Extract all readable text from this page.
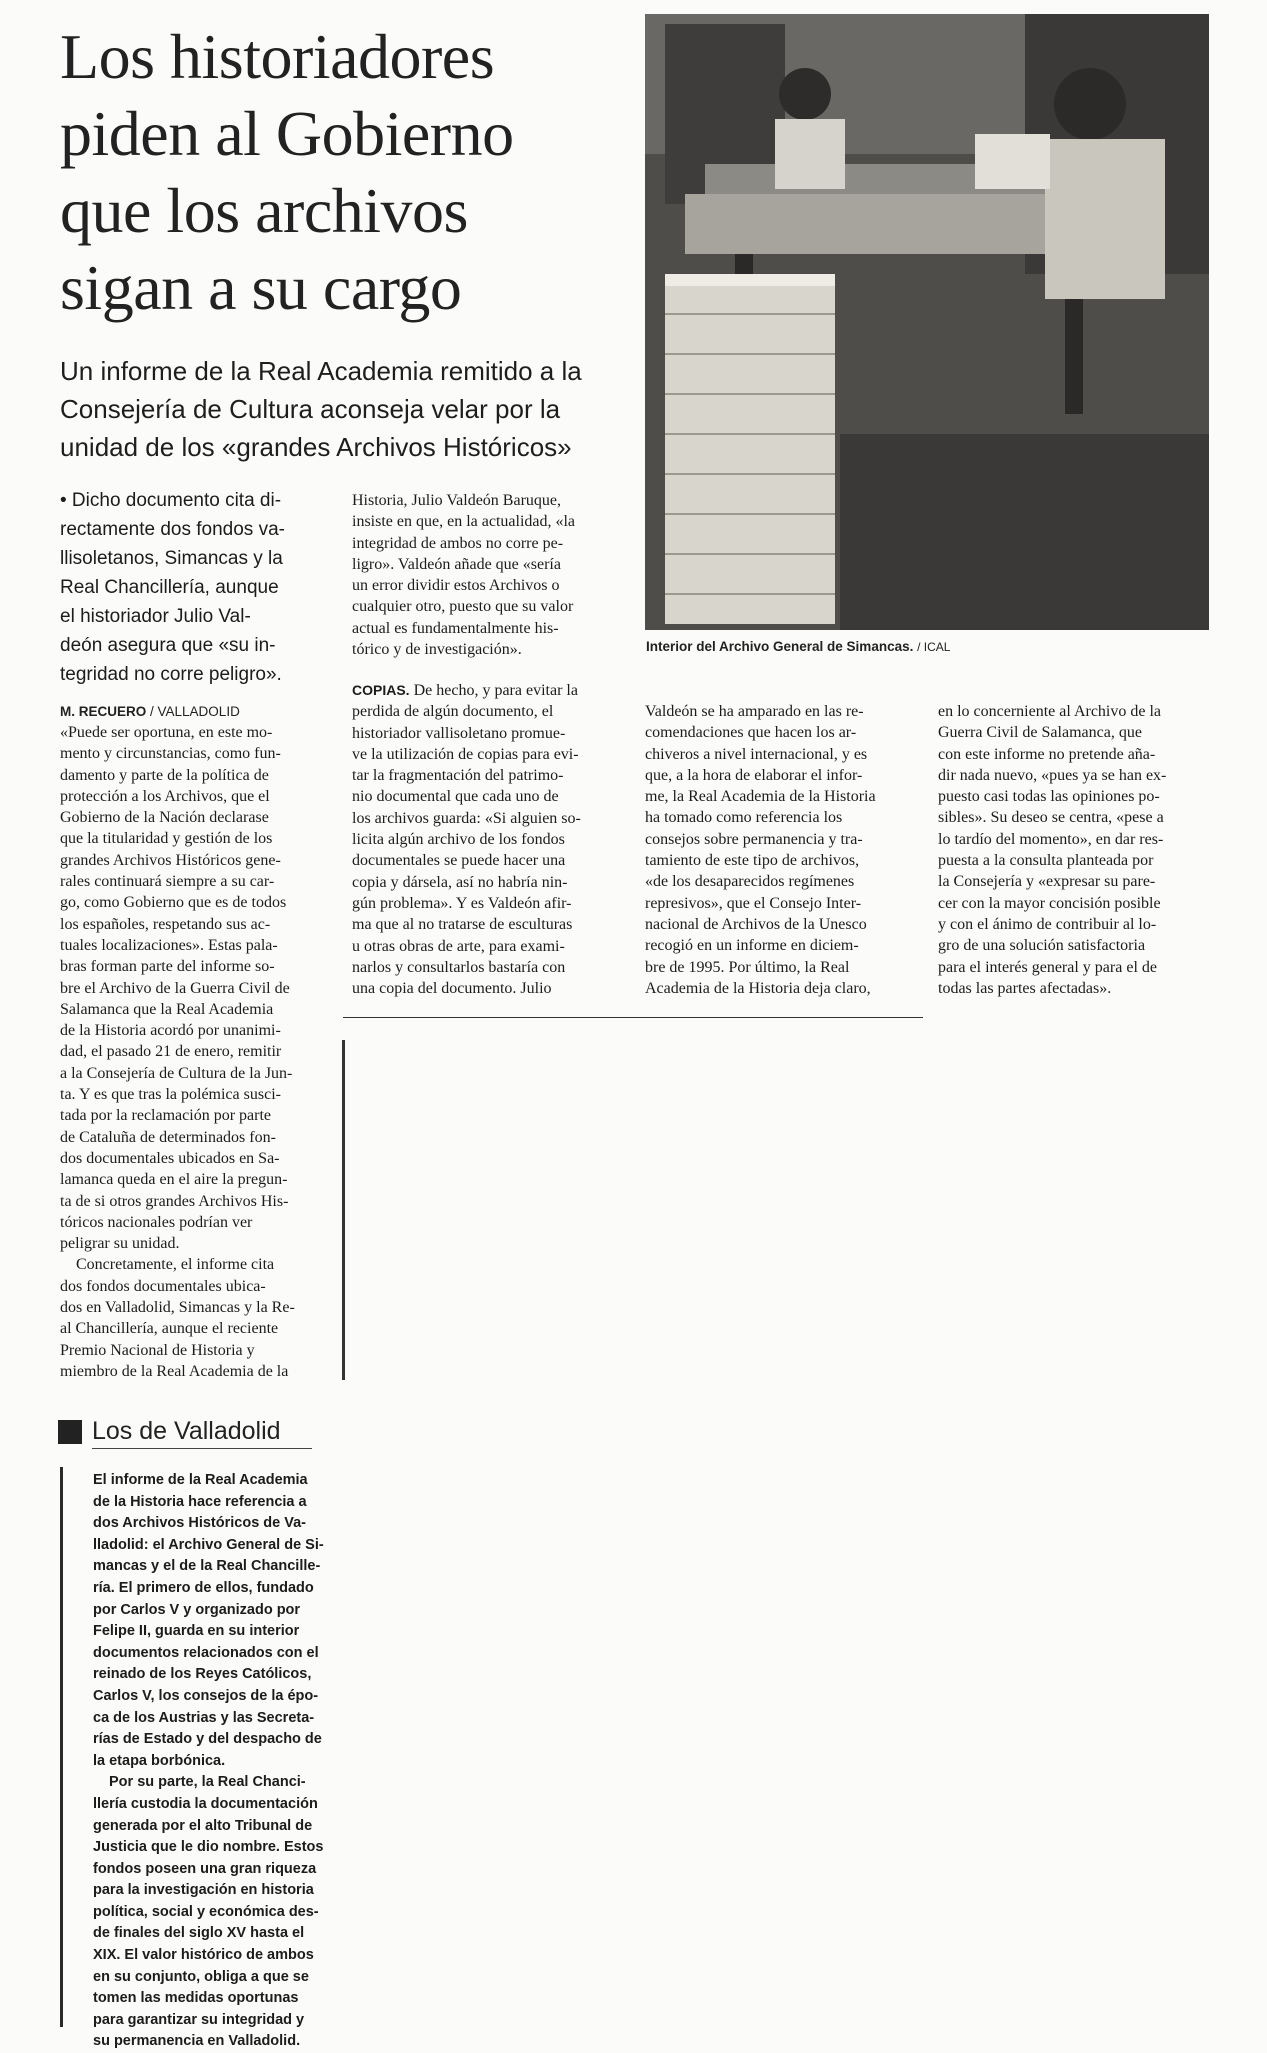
Los historiadores
piden al Gobierno
que los archivos
sigan a su cargo
Un informe de la Real Academia remitido a la
Consejería de Cultura aconseja velar por la
unidad de los «grandes Archivos Históricos»
Interior del Archivo General de Simancas. / ICAL
• Dicho documento cita di-
rectamente dos fondos va-
llisoletanos, Simancas y la
Real Chancillería, aunque
el historiador Julio Val-
deón asegura que «su in-
tegridad no corre peligro».
Historia, Julio Valdeón Baruque,
insiste en que, en la actualidad, «la
integridad de ambos no corre pe-
ligro». Valdeón añade que «sería
un error dividir estos Archivos o
cualquier otro, puesto que su valor
actual es fundamentalmente his-
tórico y de investigación».
M. RECUERO / VALLADOLID
«Puede ser oportuna, en este mo-
mento y circunstancias, como fun-
damento y parte de la política de
protección a los Archivos, que el
Gobierno de la Nación declarase
que la titularidad y gestión de los
grandes Archivos Históricos gene-
rales continuará siempre a su car-
go, como Gobierno que es de todos
los españoles, respetando sus ac-
tuales localizaciones». Estas pala-
bras forman parte del informe so-
bre el Archivo de la Guerra Civil de
Salamanca que la Real Academia
de la Historia acordó por unanimi-
dad, el pasado 21 de enero, remitir
a la Consejería de Cultura de la Jun-
ta. Y es que tras la polémica susci-
tada por la reclamación por parte
de Cataluña de determinados fon-
dos documentales ubicados en Sa-
lamanca queda en el aire la pregun-
ta de si otros grandes Archivos His-
tóricos nacionales podrían ver
peligrar su unidad.
Concretamente, el informe cita
dos fondos documentales ubica-
dos en Valladolid, Simancas y la Re-
al Chancillería, aunque el reciente
Premio Nacional de Historia y
miembro de la Real Academia de la
COPIAS. De hecho, y para evitar la
perdida de algún documento, el
historiador vallisoletano promue-
ve la utilización de copias para evi-
tar la fragmentación del patrimo-
nio documental que cada uno de
los archivos guarda: «Si alguien so-
licita algún archivo de los fondos
documentales se puede hacer una
copia y dársela, así no habría nin-
gún problema». Y es Valdeón afir-
ma que al no tratarse de esculturas
u otras obras de arte, para exami-
narlos y consultarlos bastaría con
una copia del documento. Julio
Valdeón se ha amparado en las re-
comendaciones que hacen los ar-
chiveros a nivel internacional, y es
que, a la hora de elaborar el infor-
me, la Real Academia de la Historia
ha tomado como referencia los
consejos sobre permanencia y tra-
tamiento de este tipo de archivos,
«de los desaparecidos regímenes
represivos», que el Consejo Inter-
nacional de Archivos de la Unesco
recogió en un informe en diciem-
bre de 1995. Por último, la Real
Academia de la Historia deja claro,
en lo concerniente al Archivo de la
Guerra Civil de Salamanca, que
con este informe no pretende aña-
dir nada nuevo, «pues ya se han ex-
puesto casi todas las opiniones po-
sibles». Su deseo se centra, «pese a
lo tardío del momento», en dar res-
puesta a la consulta planteada por
la Consejería y «expresar su pare-
cer con la mayor concisión posible
y con el ánimo de contribuir al lo-
gro de una solución satisfactoria
para el interés general y para el de
todas las partes afectadas».
Los de Valladolid
El informe de la Real Academia
de la Historia hace referencia a
dos Archivos Históricos de Va-
lladolid: el Archivo General de Si-
mancas y el de la Real Chancille-
ría. El primero de ellos, fundado
por Carlos V y organizado por
Felipe II, guarda en su interior
documentos relacionados con el
reinado de los Reyes Católicos,
Carlos V, los consejos de la épo-
ca de los Austrias y las Secreta-
rías de Estado y del despacho de
la etapa borbónica.
Por su parte, la Real Chanci-
llería custodia la documentación
generada por el alto Tribunal de
Justicia que le dio nombre. Estos
fondos poseen una gran riqueza
para la investigación en historia
política, social y económica des-
de finales del siglo XV hasta el
XIX. El valor histórico de ambos
en su conjunto, obliga a que se
tomen las medidas oportunas
para garantizar su integridad y
su permanencia en Valladolid.
